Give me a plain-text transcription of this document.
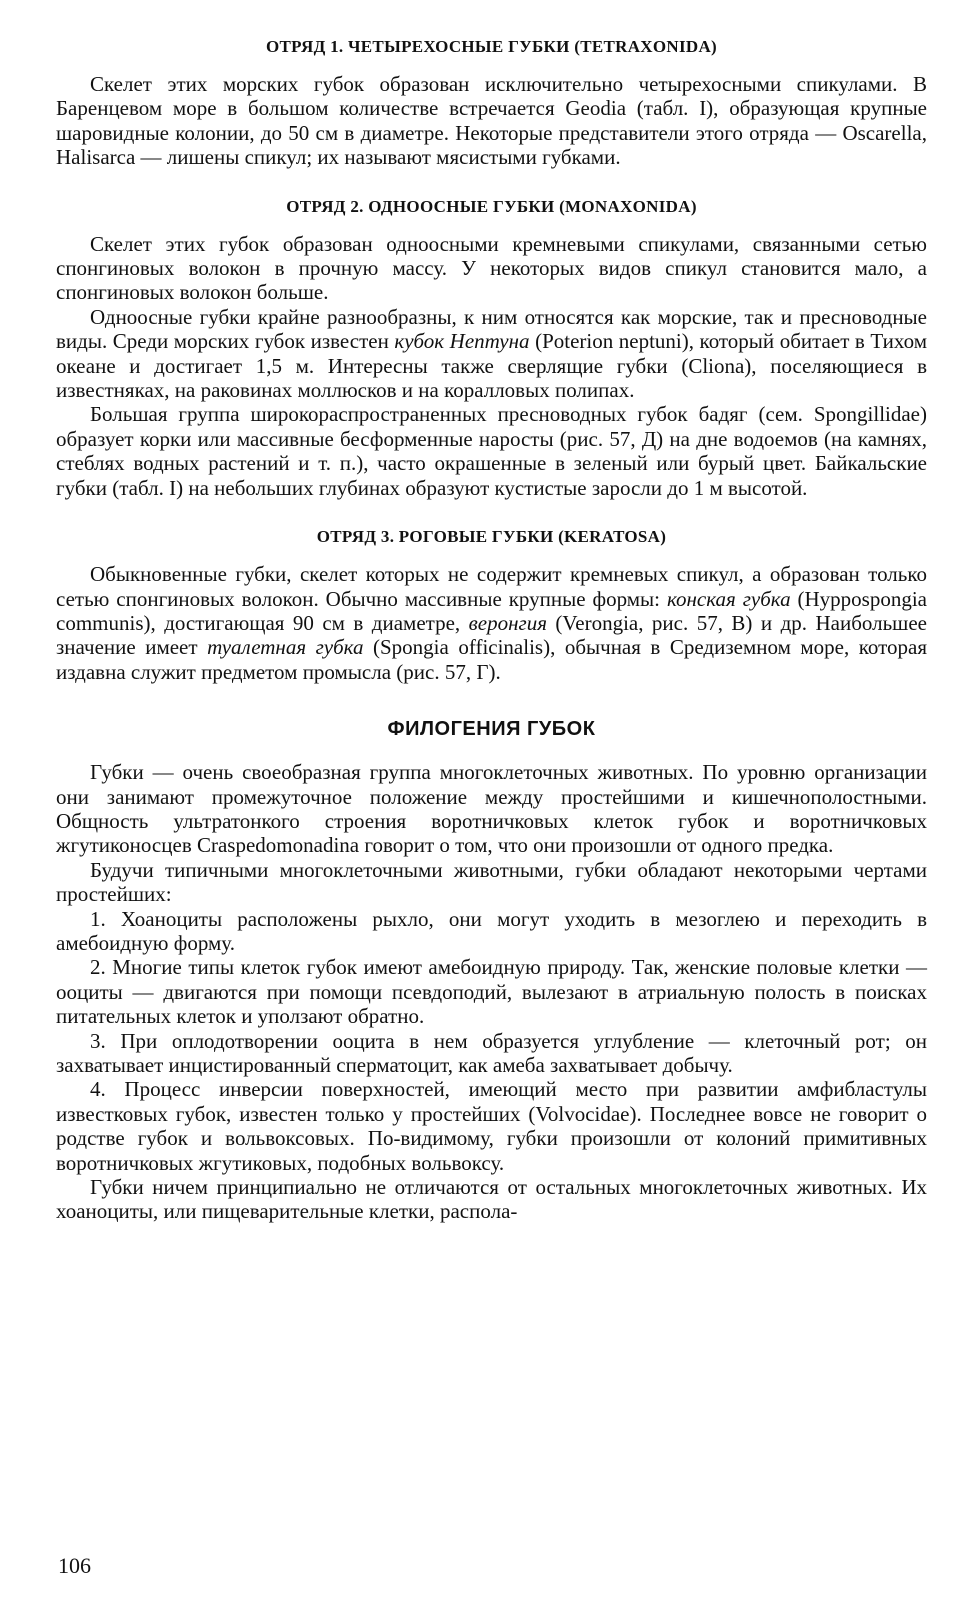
ОТРЯД 1. ЧЕТЫРЕХОСНЫЕ ГУБКИ (TETRAXONIDA)

Скелет этих морских губок образован исключительно четырехосными спикулами. В Баренцевом море в большом количестве встречается Geodia (табл. I), образующая крупные шаровидные колонии, до 50 см в диаметре. Некоторые представители этого отряда — Oscarella, Halisarca — лишены спикул; их называют мясистыми губками.

ОТРЯД 2. ОДНООСНЫЕ ГУБКИ (MONAXONIDA)

Скелет этих губок образован одноосными кремневыми спикулами, связанными сетью спонгиновых волокон в прочную массу. У некоторых видов спикул становится мало, а спонгиновых волокон больше.

Одноосные губки крайне разнообразны, к ним относятся как морские, так и пресноводные виды. Среди морских губок известен кубок Нептуна (Poterion neptuni), который обитает в Тихом океане и достигает 1,5 м. Интересны также сверлящие губки (Cliona), поселяющиеся в известняках, на раковинах моллюсков и на коралловых полипах.

Большая группа широкораспространенных пресноводных губок бадяг (сем. Spongillidae) образует корки или массивные бесформенные наросты (рис. 57, Д) на дне водоемов (на камнях, стеблях водных растений и т. п.), часто окрашенные в зеленый или бурый цвет. Байкальские губки (табл. I) на небольших глубинах образуют кустистые заросли до 1 м высотой.

ОТРЯД 3. РОГОВЫЕ ГУБКИ (KERATOSA)

Обыкновенные губки, скелет которых не содержит кремневых спикул, а образован только сетью спонгиновых волокон. Обычно массивные крупные формы: конская губка (Hyppospongia communis), достигающая 90 см в диаметре, веронгия (Verongia, рис. 57, В) и др. Наибольшее значение имеет туалетная губка (Spongia officinalis), обычная в Средиземном море, которая издавна служит предметом промысла (рис. 57, Г).

ФИЛОГЕНИЯ ГУБОК

Губки — очень своеобразная группа многоклеточных животных. По уровню организации они занимают промежуточное положение между простейшими и кишечнополостными. Общность ультратонкого строения воротничковых клеток губок и воротничковых жгутиконосцев Craspedomonadina говорит о том, что они произошли от одного предка.

Будучи типичными многоклеточными животными, губки обладают некоторыми чертами простейших:

1. Хоаноциты расположены рыхло, они могут уходить в мезоглею и переходить в амебоидную форму.

2. Многие типы клеток губок имеют амебоидную природу. Так, женские половые клетки — ооциты — двигаются при помощи псевдоподий, вылезают в атриальную полость в поисках питательных клеток и уползают обратно.

3. При оплодотворении ооцита в нем образуется углубление — клеточный рот; он захватывает инцистированный сперматоцит, как амеба захватывает добычу.

4. Процесс инверсии поверхностей, имеющий место при развитии амфибластулы известковых губок, известен только у простейших (Volvocidae). Последнее вовсе не говорит о родстве губок и вольвоксовых. По-видимому, губки произошли от колоний примитивных воротничковых жгутиковых, подобных вольвоксу.

Губки ничем принципиально не отличаются от остальных многоклеточных животных. Их хоаноциты, или пищеварительные клетки, распола-

106
